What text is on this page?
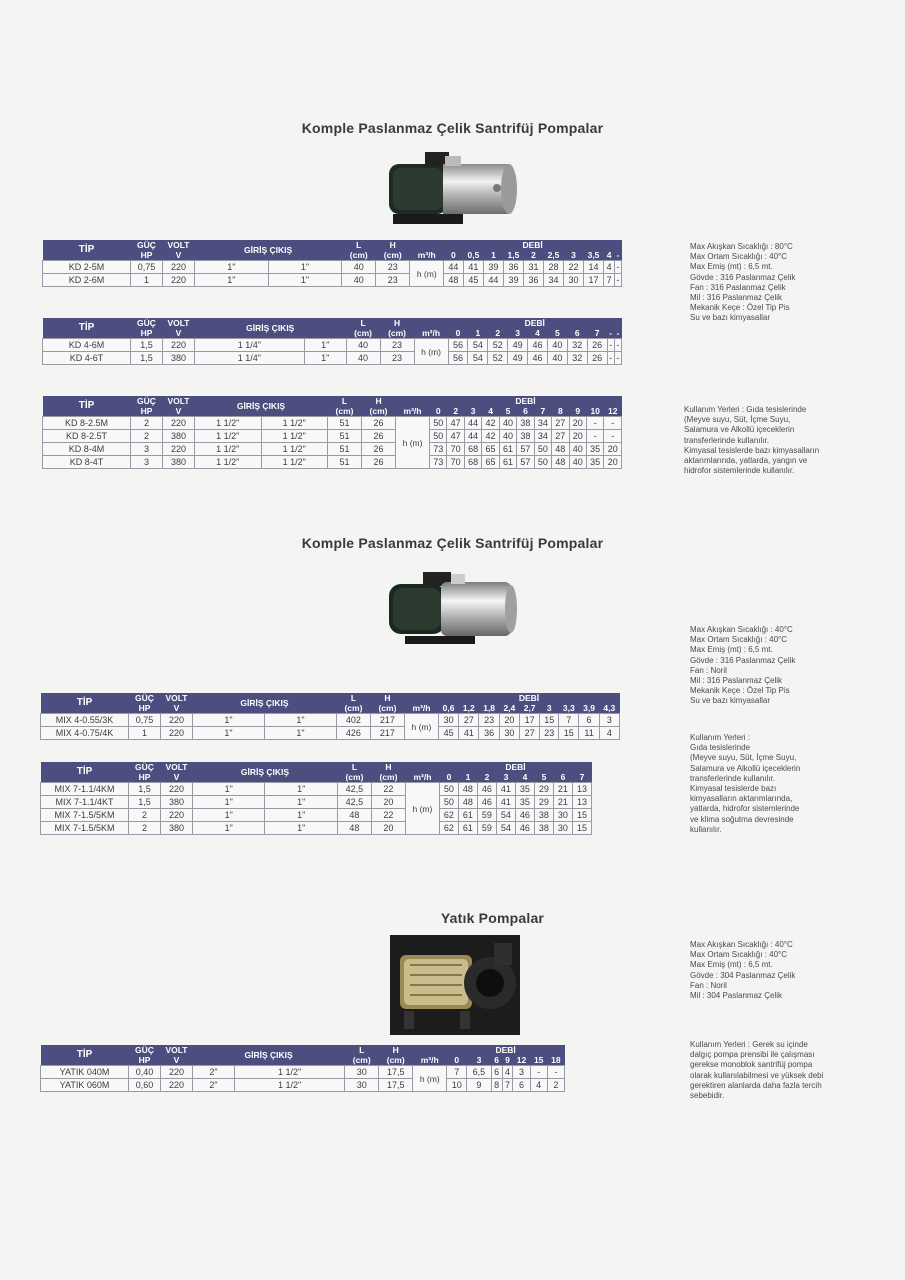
Komple Paslanmaz Çelik Santrifüj Pompalar
Komple Paslanmaz Çelik Santrifüj Pompalar
Yatık Pompalar
TİP	GÜÇ	VOLT	GİRİŞ ÇIKIŞ		L	H		DEBİ									
	HP	V			(cm)	(cm)	m³/h	0	0,5	1	1,5	2	2,5	3	3,5	4	-
KD 2-5M	0,75	220	1"	1"	40	23	h (m)	44	41	39	36	31	28	22	14	4	-
KD 2-6M	1	220	1"	1"	40	23		48	45	44	39	36	34	30	17	7	-
TİP	GÜÇ	VOLT	GİRİŞ ÇIKIŞ		L	H		DEBİ									
	HP	V			(cm)	(cm)	m³/h	0	1	2	3	4	5	6	7	-	-
KD 4-6M	1,5	220	1 1/4"	1"	40	23	h (m)	56	54	52	49	46	40	32	26	-	-
KD 4-6T	1,5	380	1 1/4"	1"	40	23		56	54	52	49	46	40	32	26	-	-
TİP	GÜÇ	VOLT	GİRİŞ ÇIKIŞ		L	H		DEBİ										
	HP	V			(cm)	(cm)	m³/h	0	2	3	4	5	6	7	8	9	10	12
KD 8-2.5M	2	220	1 1/2"	1 1/2"	51	26	h (m)	50	47	44	42	40	38	34	27	20	-	-
KD 8-2.5T	2	380	1 1/2"	1 1/2"	51	26		50	47	44	42	40	38	34	27	20	-	-
KD 8-4M	3	220	1 1/2"	1 1/2"	51	26		73	70	68	65	61	57	50	48	40	35	20
KD 8-4T	3	380	1 1/2"	1 1/2"	51	26		73	70	68	65	61	57	50	48	40	35	20
TİP	GÜÇ	VOLT	GİRİŞ ÇIKIŞ		L	H		DEBİ								
	HP	V			(cm)	(cm)	m³/h	0,6	1,2	1,8	2,4	2,7	3	3,3	3,9	4,3
MIX 4-0.55/3K	0,75	220	1"	1"	402	217	h (m)	30	27	23	20	17	15	7	6	3
MIX 4-0.75/4K	1	220	1"	1"	426	217		45	41	36	30	27	23	15	11	4
TİP	GÜÇ	VOLT	GİRİŞ ÇIKIŞ		L	H		DEBİ							
	HP	V			(cm)	(cm)	m³/h	0	1	2	3	4	5	6	7
MIX 7-1.1/4KM	1,5	220	1"	1"	42,5	22	h (m)	50	48	46	41	35	29	21	13
MIX 7-1.1/4KT	1,5	380	1"	1"	42,5	20		50	48	46	41	35	29	21	13
MIX 7-1.5/5KM	2	220	1"	1"	48	22		62	61	59	54	46	38	30	15
MIX 7-1.5/5KM	2	380	1"	1"	48	20		62	61	59	54	46	38	30	15
TİP	GÜÇ	VOLT	GİRİŞ ÇIKIŞ		L	H		DEBİ						
	HP	V			(cm)	(cm)	m³/h	0	3	6	9	12	15	18
YATIK 040M	0,40	220	2"	1 1/2"	30	17,5	h (m)	7	6,5	6	4	3	-	-
YATIK 060M	0,60	220	2"	1 1/2"	30	17,5		10	9	8	7	6	4	2
Max Akışkan Sıcaklığı : 80°C
Max Ortam Sıcaklığı : 40°C
Max Emiş (mt) : 6,5 mt.
Gövde : 316 Paslanmaz Çelik
Fan : 316 Paslanmaz Çelik
Mil : 316 Paslanmaz Çelik
Mekanik Keçe : Özel Tip Pis
Su ve bazı kimyasallar
Kullanım Yerleri : Gıda tesislerinde
(Meyve suyu, Süt, İçme Suyu,
Salamura ve Alkollü içeceklerin
transferlerinde kullanılır.
Kimyasal tesislerde bazı kimyasalların
aktarımlarında, yatlarda, yangın ve
hidrofor sistemlerinde kullanılır.
Max Akışkan Sıcaklığı : 40°C
Max Ortam Sıcaklığı : 40°C
Max Emiş (mt) : 6,5 mt.
Gövde : 316 Paslanmaz Çelik
Fan : Noril
Mil : 316 Paslanmaz Çelik
Mekanik Keçe : Özel Tip Pis
Su ve bazı kimyasallar
Kullanım Yerleri :
Gıda tesislerinde
(Meyve suyu, Süt, İçme Suyu,
Salamura ve Alkollü içeceklerin
transferlerinde kullanılır.
Kimyasal tesislerde bazı
kimyasalların aktarımlarında,
yatlarda, hidrofor sistemlerinde
ve klima soğutma devresinde
kullanılır.
Max Akışkan Sıcaklığı : 40°C
Max Ortam Sıcaklığı : 40°C
Max Emiş (mt) : 6,5 mt.
Gövde : 304 Paslanmaz Çelik
Fan : Noril
Mil : 304 Paslanmaz Çelik
Kullanım Yerleri : Gerek su içinde
dalgıç pompa prensibi ile çalışması
gerekse monoblok santrifüj pompa
olarak kullanılabilmesi ve yüksek debi
gerektiren alanlarda daha fazla tercih
sebebidir.
